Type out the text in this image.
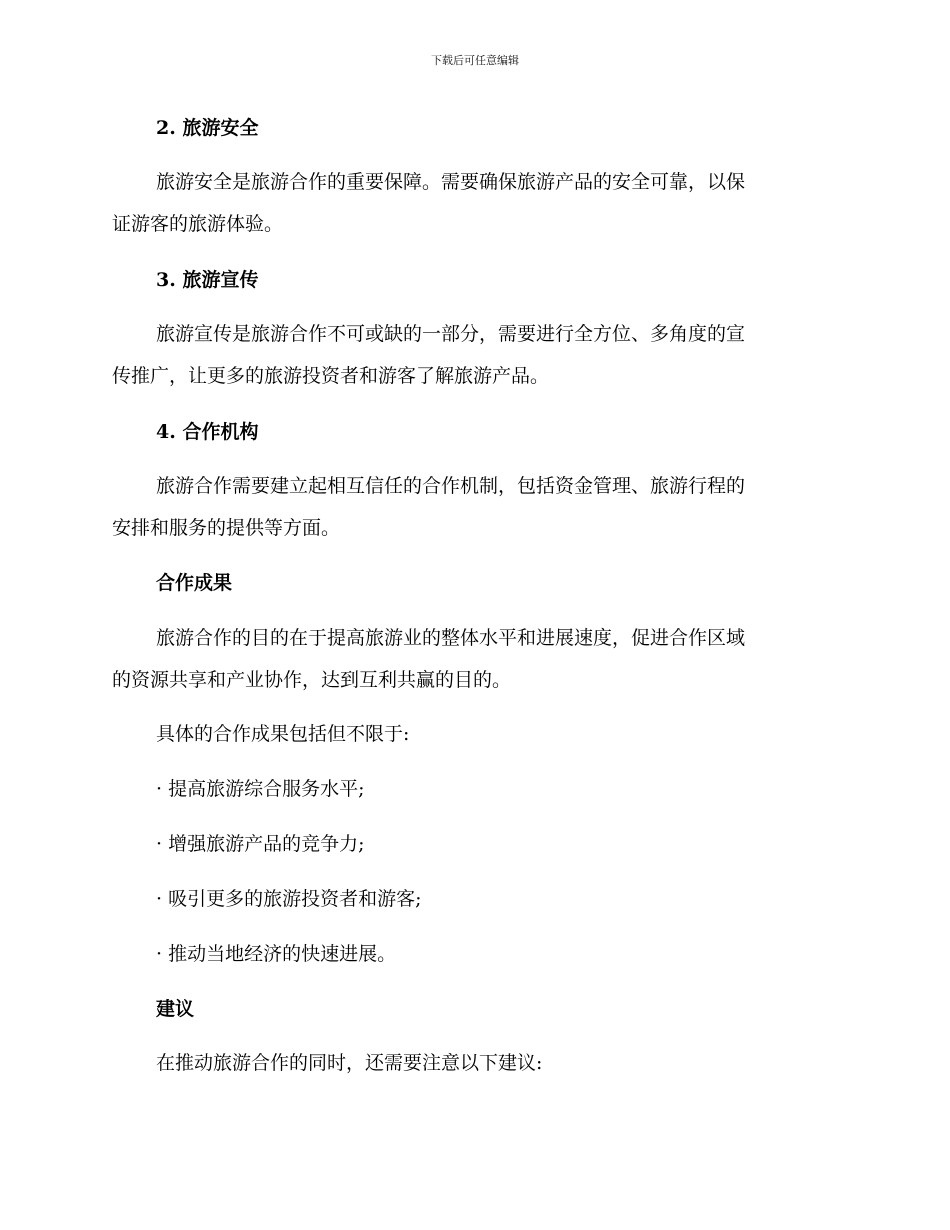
下载后可任意编辑
2. 旅游安全
旅游安全是旅游合作的重要保障。需要确保旅游产品的安全可靠，以保
证游客的旅游体验。
3. 旅游宣传
旅游宣传是旅游合作不可或缺的一部分，需要进行全方位、多角度的宣
传推广，让更多的旅游投资者和游客了解旅游产品。
4. 合作机构
旅游合作需要建立起相互信任的合作机制，包括资金管理、旅游行程的
安排和服务的提供等方面。
合作成果
旅游合作的目的在于提高旅游业的整体水平和进展速度，促进合作区域
的资源共享和产业协作，达到互利共赢的目的。
具体的合作成果包括但不限于:
· 提高旅游综合服务水平;
· 增强旅游产品的竞争力;
· 吸引更多的旅游投资者和游客;
· 推动当地经济的快速进展。
建议
在推动旅游合作的同时，还需要注意以下建议:
